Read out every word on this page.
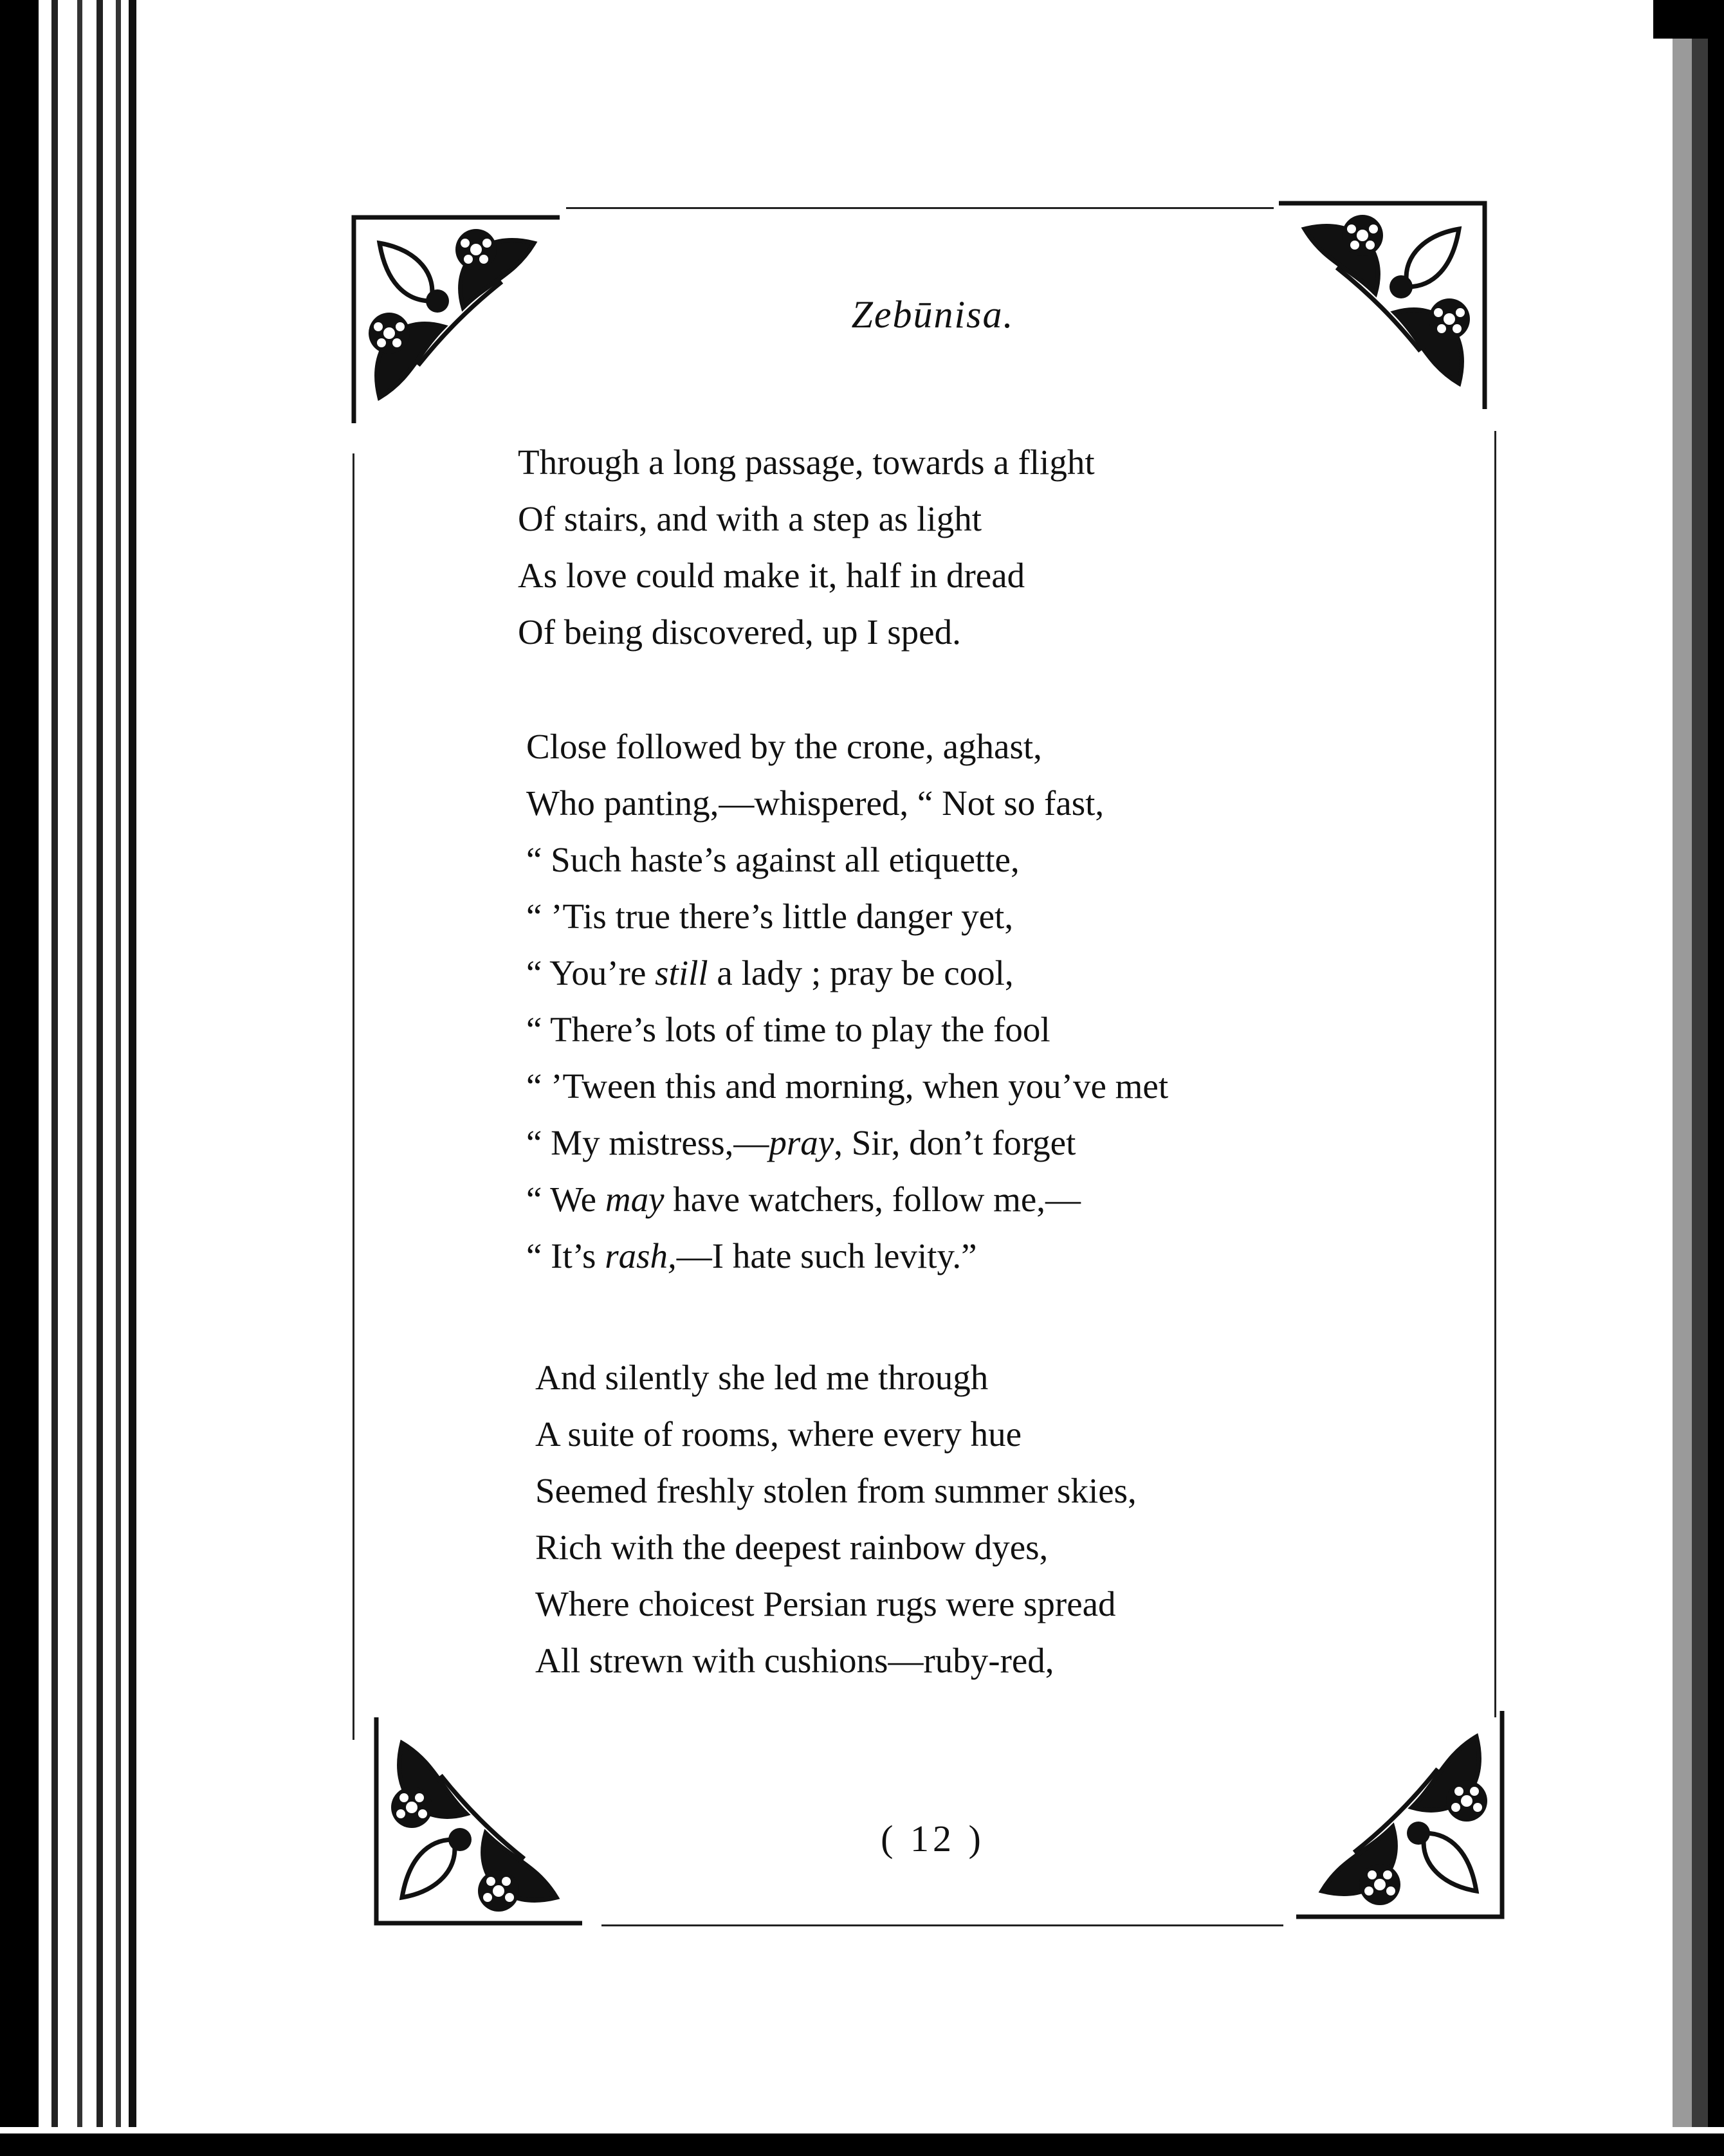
Zebūnisa.
Through a long passage, towards a flight
Of stairs, and with a step as light
As love could make it, half in dread
Of being discovered, up I sped.
Close followed by the crone, aghast,
Who panting,—whispered, “ Not so fast,
“ Such haste’s against all etiquette,
“ ’Tis true there’s little danger yet,
“ You’re still a lady ; pray be cool,
“ There’s lots of time to play the fool
“ ’Tween this and morning, when you’ve met
“ My mistress,—pray, Sir, don’t forget
“ We may have watchers, follow me,—
“ It’s rash,—I hate such levity.”
And silently she led me through
A suite of rooms, where every hue
Seemed freshly stolen from summer skies,
Rich with the deepest rainbow dyes,
Where choicest Persian rugs were spread
All strewn with cushions—ruby-red,
( 12 )
